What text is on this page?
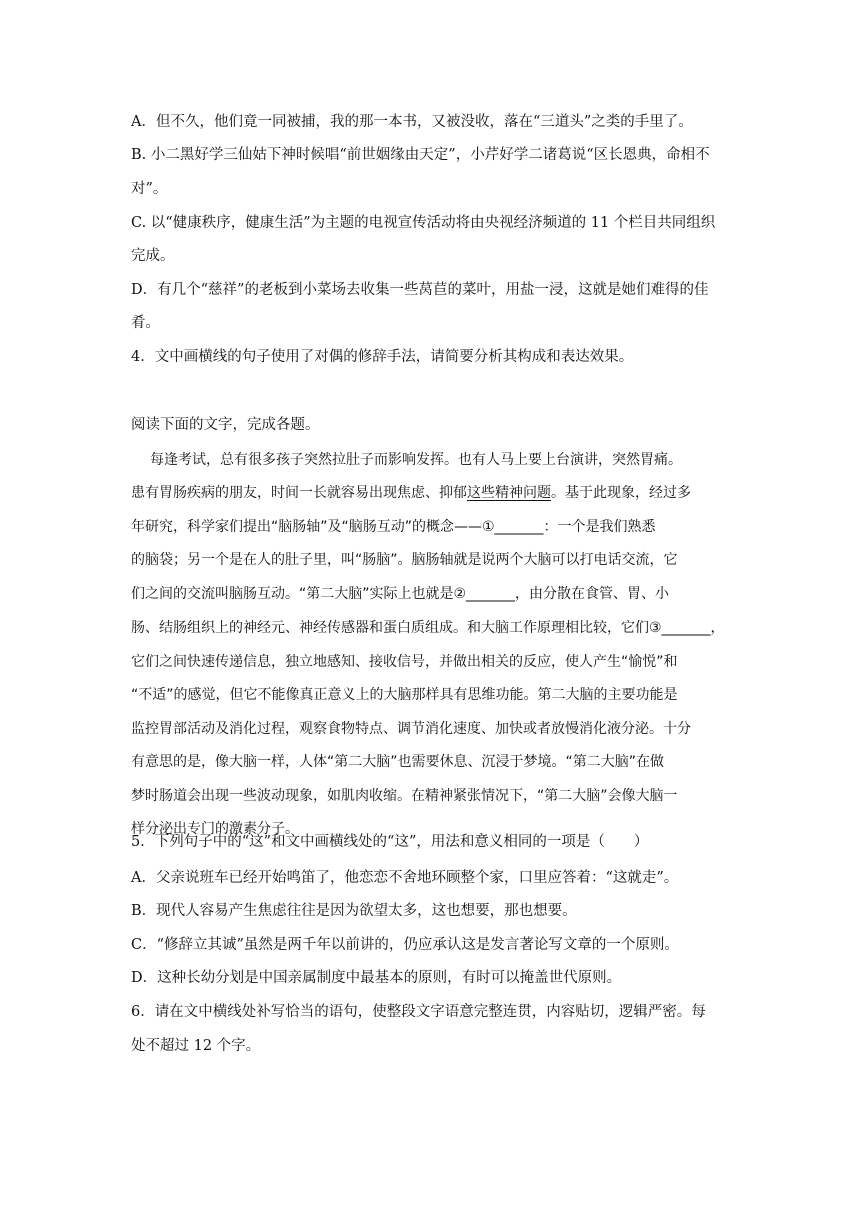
A．但不久，他们竟一同被捕，我的那一本书，又被没收，落在“三道头”之类的手里了。
B. 小二黑好学三仙姑下神时候唱“前世姻缘由天定”，小芹好学二诸葛说“区长恩典，命相不
对”。
C. 以“健康秩序，健康生活”为主题的电视宣传活动将由央视经济频道的 11 个栏目共同组织
完成。
D．有几个“慈祥”的老板到小菜场去收集一些莴苣的菜叶，用盐一浸，这就是她们难得的佳
肴。
4．文中画横线的句子使用了对偶的修辞手法，请简要分析其构成和表达效果。
阅读下面的文字，完成各题。
每逢考试，总有很多孩子突然拉肚子而影响发挥。也有人马上要上台演讲，突然胃痛。
患有胃肠疾病的朋友，时间一长就容易出现焦虑、抑郁这些精神问题。基于此现象，经过多
年研究，科学家们提出“脑肠轴”及“脑肠互动”的概念——①_______：一个是我们熟悉
的脑袋；另一个是在人的肚子里，叫“肠脑”。脑肠轴就是说两个大脑可以打电话交流，它
们之间的交流叫脑肠互动。“第二大脑”实际上也就是②_______，由分散在食管、胃、小
肠、结肠组织上的神经元、神经传感器和蛋白质组成。和大脑工作原理相比较，它们③_______，
它们之间快速传递信息，独立地感知、接收信号，并做出相关的反应，使人产生“愉悦”和
“不适”的感觉，但它不能像真正意义上的大脑那样具有思维功能。第二大脑的主要功能是
监控胃部活动及消化过程，观察食物特点、调节消化速度、加快或者放慢消化液分泌。十分
有意思的是，像大脑一样，人体“第二大脑”也需要休息、沉浸于梦境。“第二大脑”在做
梦时肠道会出现一些波动现象，如肌肉收缩。在精神紧张情况下，“第二大脑”会像大脑一
样分泌出专门的激素分子。
5．下列句子中的“这”和文中画横线处的“这”，用法和意义相同的一项是（　　）
A．父亲说班车已经开始鸣笛了，他恋恋不舍地环顾整个家，口里应答着：“这就走”。
B．现代人容易产生焦虑往往是因为欲望太多，这也想要，那也想要。
C．“修辞立其诚”虽然是两千年以前讲的，仍应承认这是发言著论写文章的一个原则。
D．这种长幼分划是中国亲属制度中最基本的原则，有时可以掩盖世代原则。
6．请在文中横线处补写恰当的语句，使整段文字语意完整连贯，内容贴切，逻辑严密。每
处不超过 12 个字。
